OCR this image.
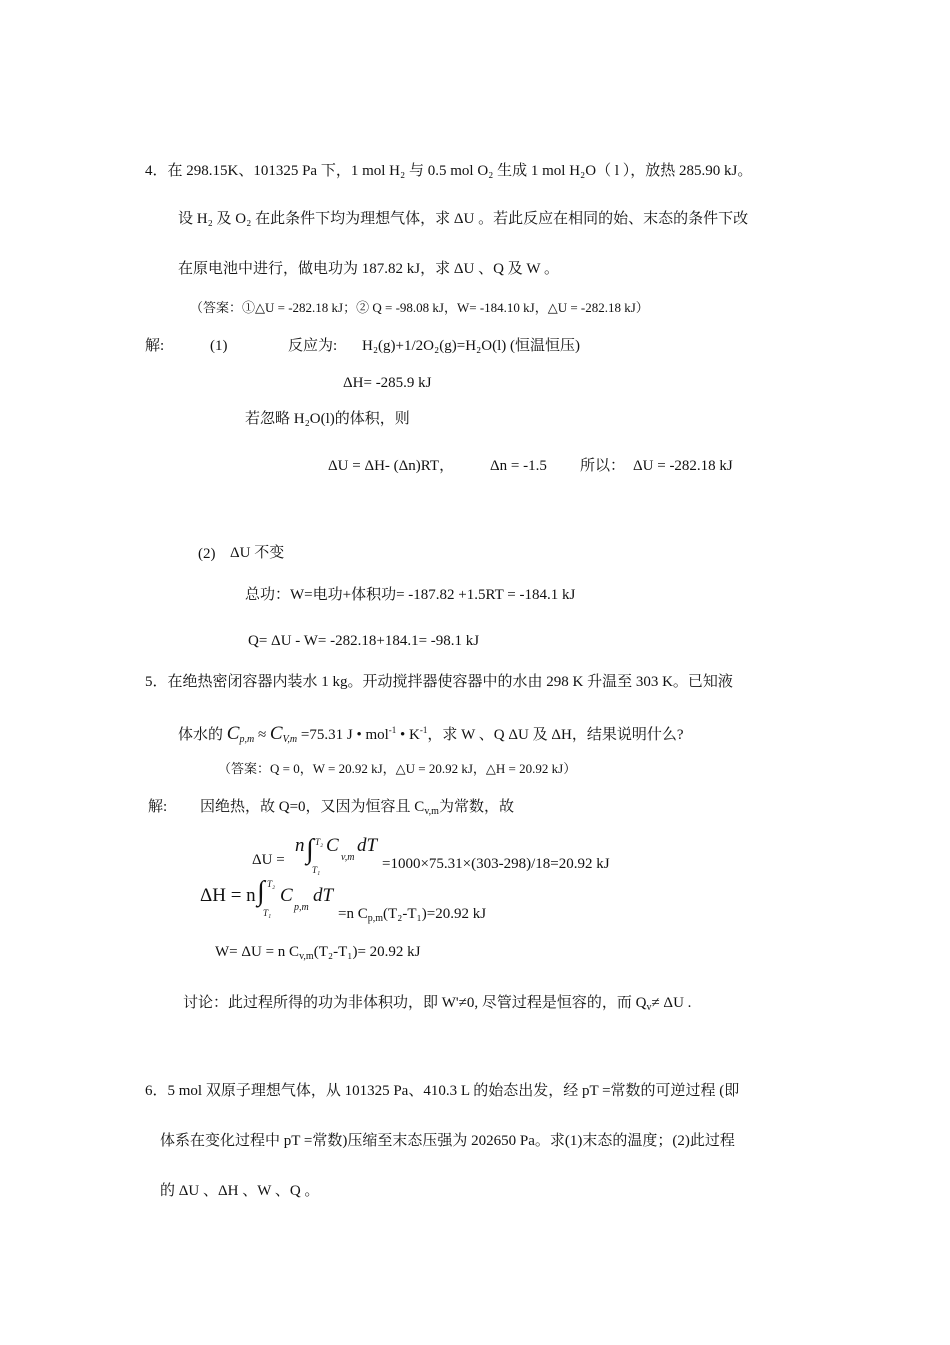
4．在 298.15K、101325 Pa 下，1 mol H₂ 与 0.5 mol O₂ 生成 1 mol H₂O（ l ），放热 285.90 kJ。
设 H₂ 及 O₂ 在此条件下均为理想气体，求 ΔU 。若此反应在相同的始、末态的条件下改
在原电池中进行，做电功为 187.82 kJ，求 ΔU 、Q 及 W 。
（答案：①△U = -282.18 kJ；② Q = -98.08 kJ，W= -184.10 kJ，△U = -282.18 kJ）
解:	(1)	反应为: H₂(g)+1/2O₂(g)=H₂O(l) (恒温恒压)
ΔH= -285.9 kJ
若忽略 H₂O(l)的体积，则
ΔU = ΔH- (Δn)RT， Δn = -1.5 所以： ΔU = -282.18 kJ
(2) ΔU 不变
总功：W=电功+体积功= -187.82 +1.5RT = -184.1 kJ
Q= ΔU - W= -282.18+184.1= -98.1 kJ
5．在绝热密闭容器内装水 1 kg。开动搅拌器使容器中的水由 298 K 升温至 303 K。已知液
体水的 $C_{p,m} \approx C_{V,m} =75.31$ J • mol$^{-1}$ • $K^{-1}$，求 W 、Q ΔU 及 ΔH，结果说明什么?
（答案：Q = 0，W = 20.92 kJ，△U = 20.92 kJ，△H = 20.92 kJ）
解: 因绝热，故 Q=0，又因为恒容且 $C_{v,m}$为常数，故
ΔU =
n ∫ T₂
T₁
C
v,m
dT
=1000×75.31×(303-298)/18=20.92 kJ
ΔH = n ∫ T₂
T₁
C
p,m
dT
=n $C_{p,m}(T_2-T_1)=20.92$ kJ
W= ΔU = n $C_{v,m}(T_2-T_1)= 20.92$ kJ
讨论：此过程所得的功为非体积功，即 W'≠0, 尽管过程是恒容的，而 $Q_v\ne \Delta U$ .
6．5 mol 双原子理想气体，从 101325 Pa、410.3 L 的始态出发，经 pT =常数的可逆过程 (即
体系在变化过程中 pT =常数)压缩至末态压强为 202650 Pa。求(1)末态的温度；(2)此过程
的 ΔU 、ΔH 、W 、Q 。
